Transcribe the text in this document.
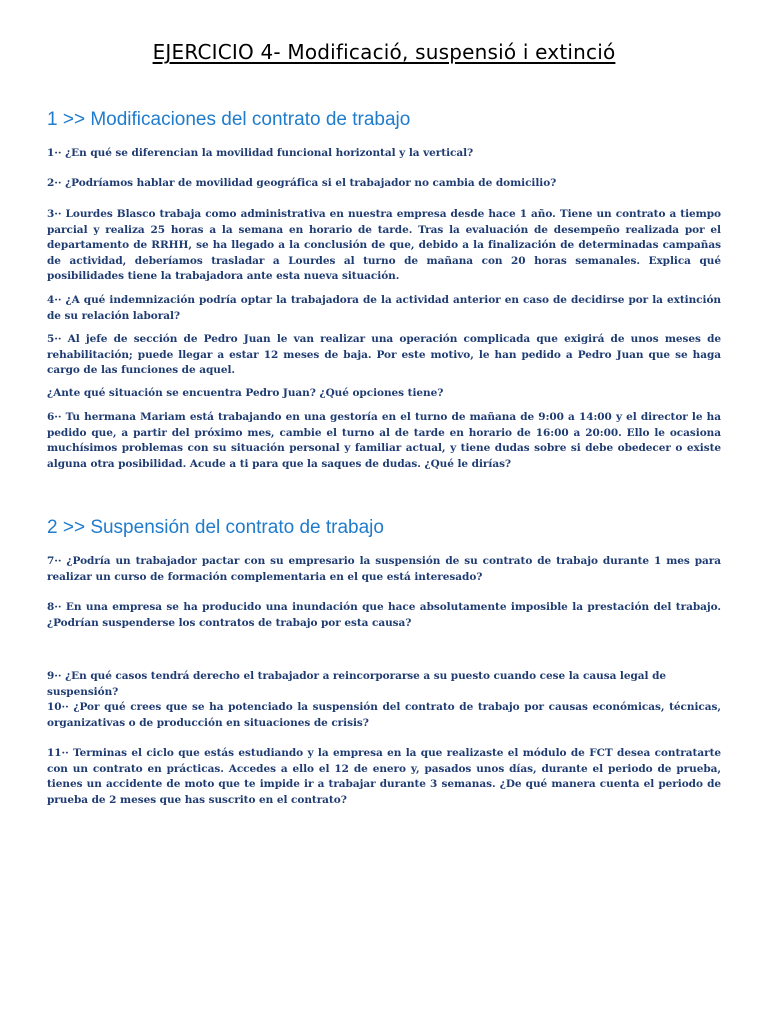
EJERCICIO 4- Modificació, suspensió i extinció
1 >> Modificaciones del contrato de trabajo

1·· ¿En qué se diferencian la movilidad funcional horizontal y la vertical?

2·· ¿Podríamos hablar de movilidad geográfica si el trabajador no cambia de domicilio?

3·· Lourdes Blasco trabaja como administrativa en nuestra empresa desde hace 1 año. Tiene un contrato a tiempo parcial y realiza 25 horas a la semana en horario de tarde. Tras la evaluación de desempeño realizada por el departamento de RRHH, se ha llegado a la conclusión de que, debido a la finalización de determinadas campañas de actividad, deberíamos trasladar a Lourdes al turno de mañana con 20 horas semanales. Explica qué posibilidades tiene la trabajadora ante esta nueva situación.

4·· ¿A qué indemnización podría optar la trabajadora de la actividad anterior en caso de decidirse por la extinción de su relación laboral?

5·· Al jefe de sección de Pedro Juan le van realizar una operación complicada que exigirá de unos meses de rehabilitación; puede llegar a estar 12 meses de baja. Por este motivo, le han pedido a Pedro Juan que se haga cargo de las funciones de aquel.

¿Ante qué situación se encuentra Pedro Juan? ¿Qué opciones tiene?

6·· Tu hermana Mariam está trabajando en una gestoría en el turno de mañana de 9:00 a 14:00 y el director le ha pedido que, a partir del próximo mes, cambie el turno al de tarde en horario de 16:00 a 20:00. Ello le ocasiona muchísimos problemas con su situación personal y familiar actual, y tiene dudas sobre si debe obedecer o existe alguna otra posibilidad. Acude a ti para que la saques de dudas. ¿Qué le dirías?

2 >> Suspensión del contrato de trabajo

7·· ¿Podría un trabajador pactar con su empresario la suspensión de su contrato de trabajo durante 1 mes para realizar un curso de formación complementaria en el que está interesado?

8·· En una empresa se ha producido una inundación que hace absolutamente imposible la prestación del trabajo. ¿Podrían suspenderse los contratos de trabajo por esta causa?

9·· ¿En qué casos tendrá derecho el trabajador a reincorporarse a su puesto cuando cese la causa legal de suspensión?

10·· ¿Por qué crees que se ha potenciado la suspensión del contrato de trabajo por causas económicas, técnicas, organizativas o de producción en situaciones de crisis?

11·· Terminas el ciclo que estás estudiando y la empresa en la que realizaste el módulo de FCT desea contratarte con un contrato en prácticas. Accedes a ello el 12 de enero y, pasados unos días, durante el periodo de prueba, tienes un accidente de moto que te impide ir a trabajar durante 3 semanas. ¿De qué manera cuenta el periodo de prueba de 2 meses que has suscrito en el contrato?
